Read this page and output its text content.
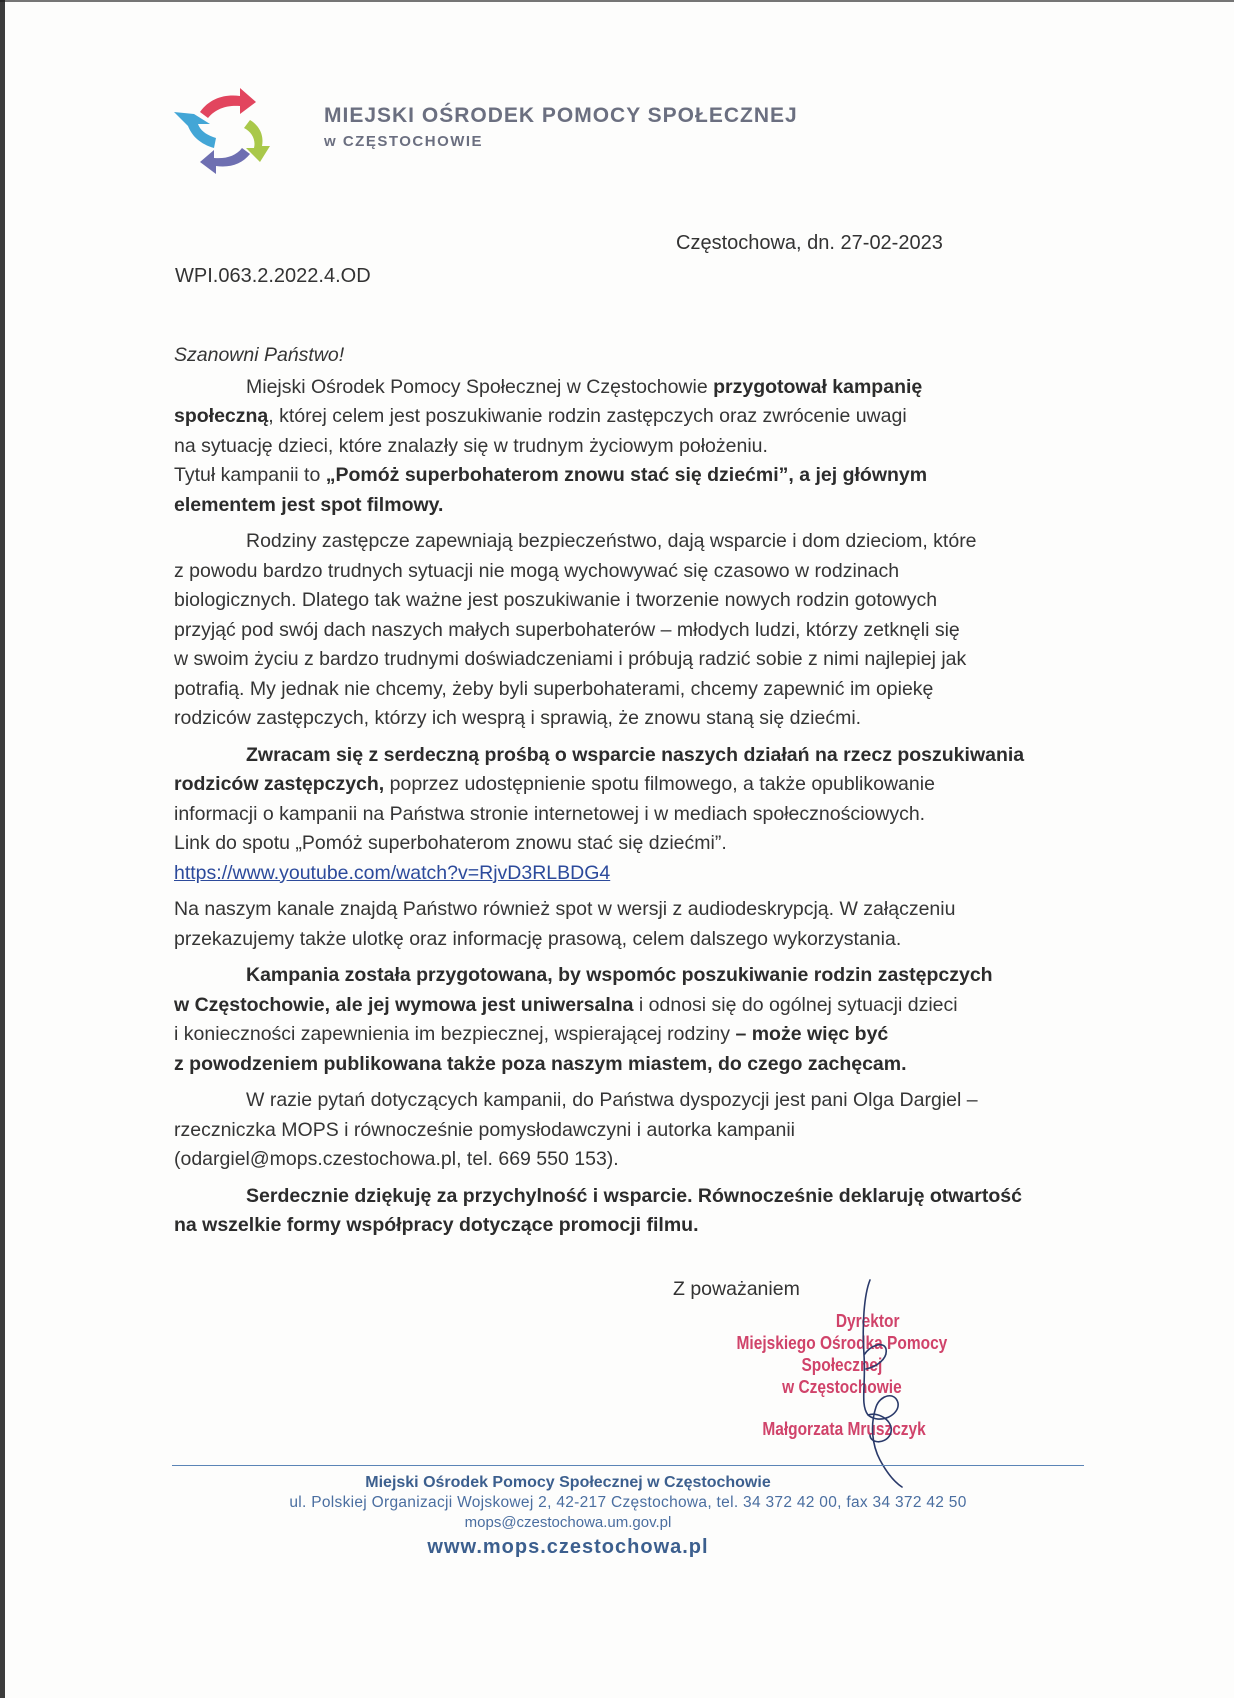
MIEJSKI OŚRODEK POMOCY SPOŁECZNEJ
w CZĘSTOCHOWIE
Częstochowa, dn. 27-02-2023
WPI.063.2.2022.4.OD

Szanowni Państwo!

Miejski Ośrodek Pomocy Społecznej w Częstochowie przygotował kampanię

społeczną, której celem jest poszukiwanie rodzin zastępczych oraz zwrócenie uwagi

na sytuację dzieci, które znalazły się w trudnym życiowym położeniu.

Tytuł kampanii to „Pomóż superbohaterom znowu stać się dziećmi”, a jej głównym

elementem jest spot filmowy.

Rodziny zastępcze zapewniają bezpieczeństwo, dają wsparcie i dom dzieciom, które

z powodu bardzo trudnych sytuacji nie mogą wychowywać się czasowo w rodzinach

biologicznych. Dlatego tak ważne jest poszukiwanie i tworzenie nowych rodzin gotowych

przyjąć pod swój dach naszych małych superbohaterów – młodych ludzi, którzy zetknęli się

w swoim życiu z bardzo trudnymi doświadczeniami i próbują radzić sobie z nimi najlepiej jak

potrafią. My jednak nie chcemy, żeby byli superbohaterami, chcemy zapewnić im opiekę

rodziców zastępczych, którzy ich wesprą i sprawią, że znowu staną się dziećmi.

Zwracam się z serdeczną prośbą o wsparcie naszych działań na rzecz poszukiwania

rodziców zastępczych, poprzez udostępnienie spotu filmowego, a także opublikowanie

informacji o kampanii na Państwa stronie internetowej i w mediach społecznościowych.

Link do spotu „Pomóż superbohaterom znowu stać się dziećmi”.

https://www.youtube.com/watch?v=RjvD3RLBDG4

Na naszym kanale znajdą Państwo również spot w wersji z audiodeskrypcją. W załączeniu

przekazujemy także ulotkę oraz informację prasową, celem dalszego wykorzystania.

Kampania została przygotowana, by wspomóc poszukiwanie rodzin zastępczych

w Częstochowie, ale jej wymowa jest uniwersalna i odnosi się do ogólnej sytuacji dzieci

i konieczności zapewnienia im bezpiecznej, wspierającej rodziny – może więc być

z powodzeniem publikowana także poza naszym miastem, do czego zachęcam.

W razie pytań dotyczących kampanii, do Państwa dyspozycji jest pani Olga Dargiel –

rzeczniczka MOPS i równocześnie pomysłodawczyni i autorka kampanii

(odargiel@mops.czestochowa.pl, tel. 669 550 153).

Serdecznie dziękuję za przychylność i wsparcie. Równocześnie deklaruję otwartość

na wszelkie formy współpracy dotyczące promocji filmu.

Z poważaniem
Dyrektor
Miejskiego Ośrodka Pomocy Społecznej
w Częstochowie
Małgorzata Mruszczyk
Miejski Ośrodek Pomocy Społecznej w Częstochowie
ul. Polskiej Organizacji Wojskowej 2, 42-217 Częstochowa, tel. 34 372 42 00, fax 34 372 42 50
mops@czestochowa.um.gov.pl
www.mops.czestochowa.pl
